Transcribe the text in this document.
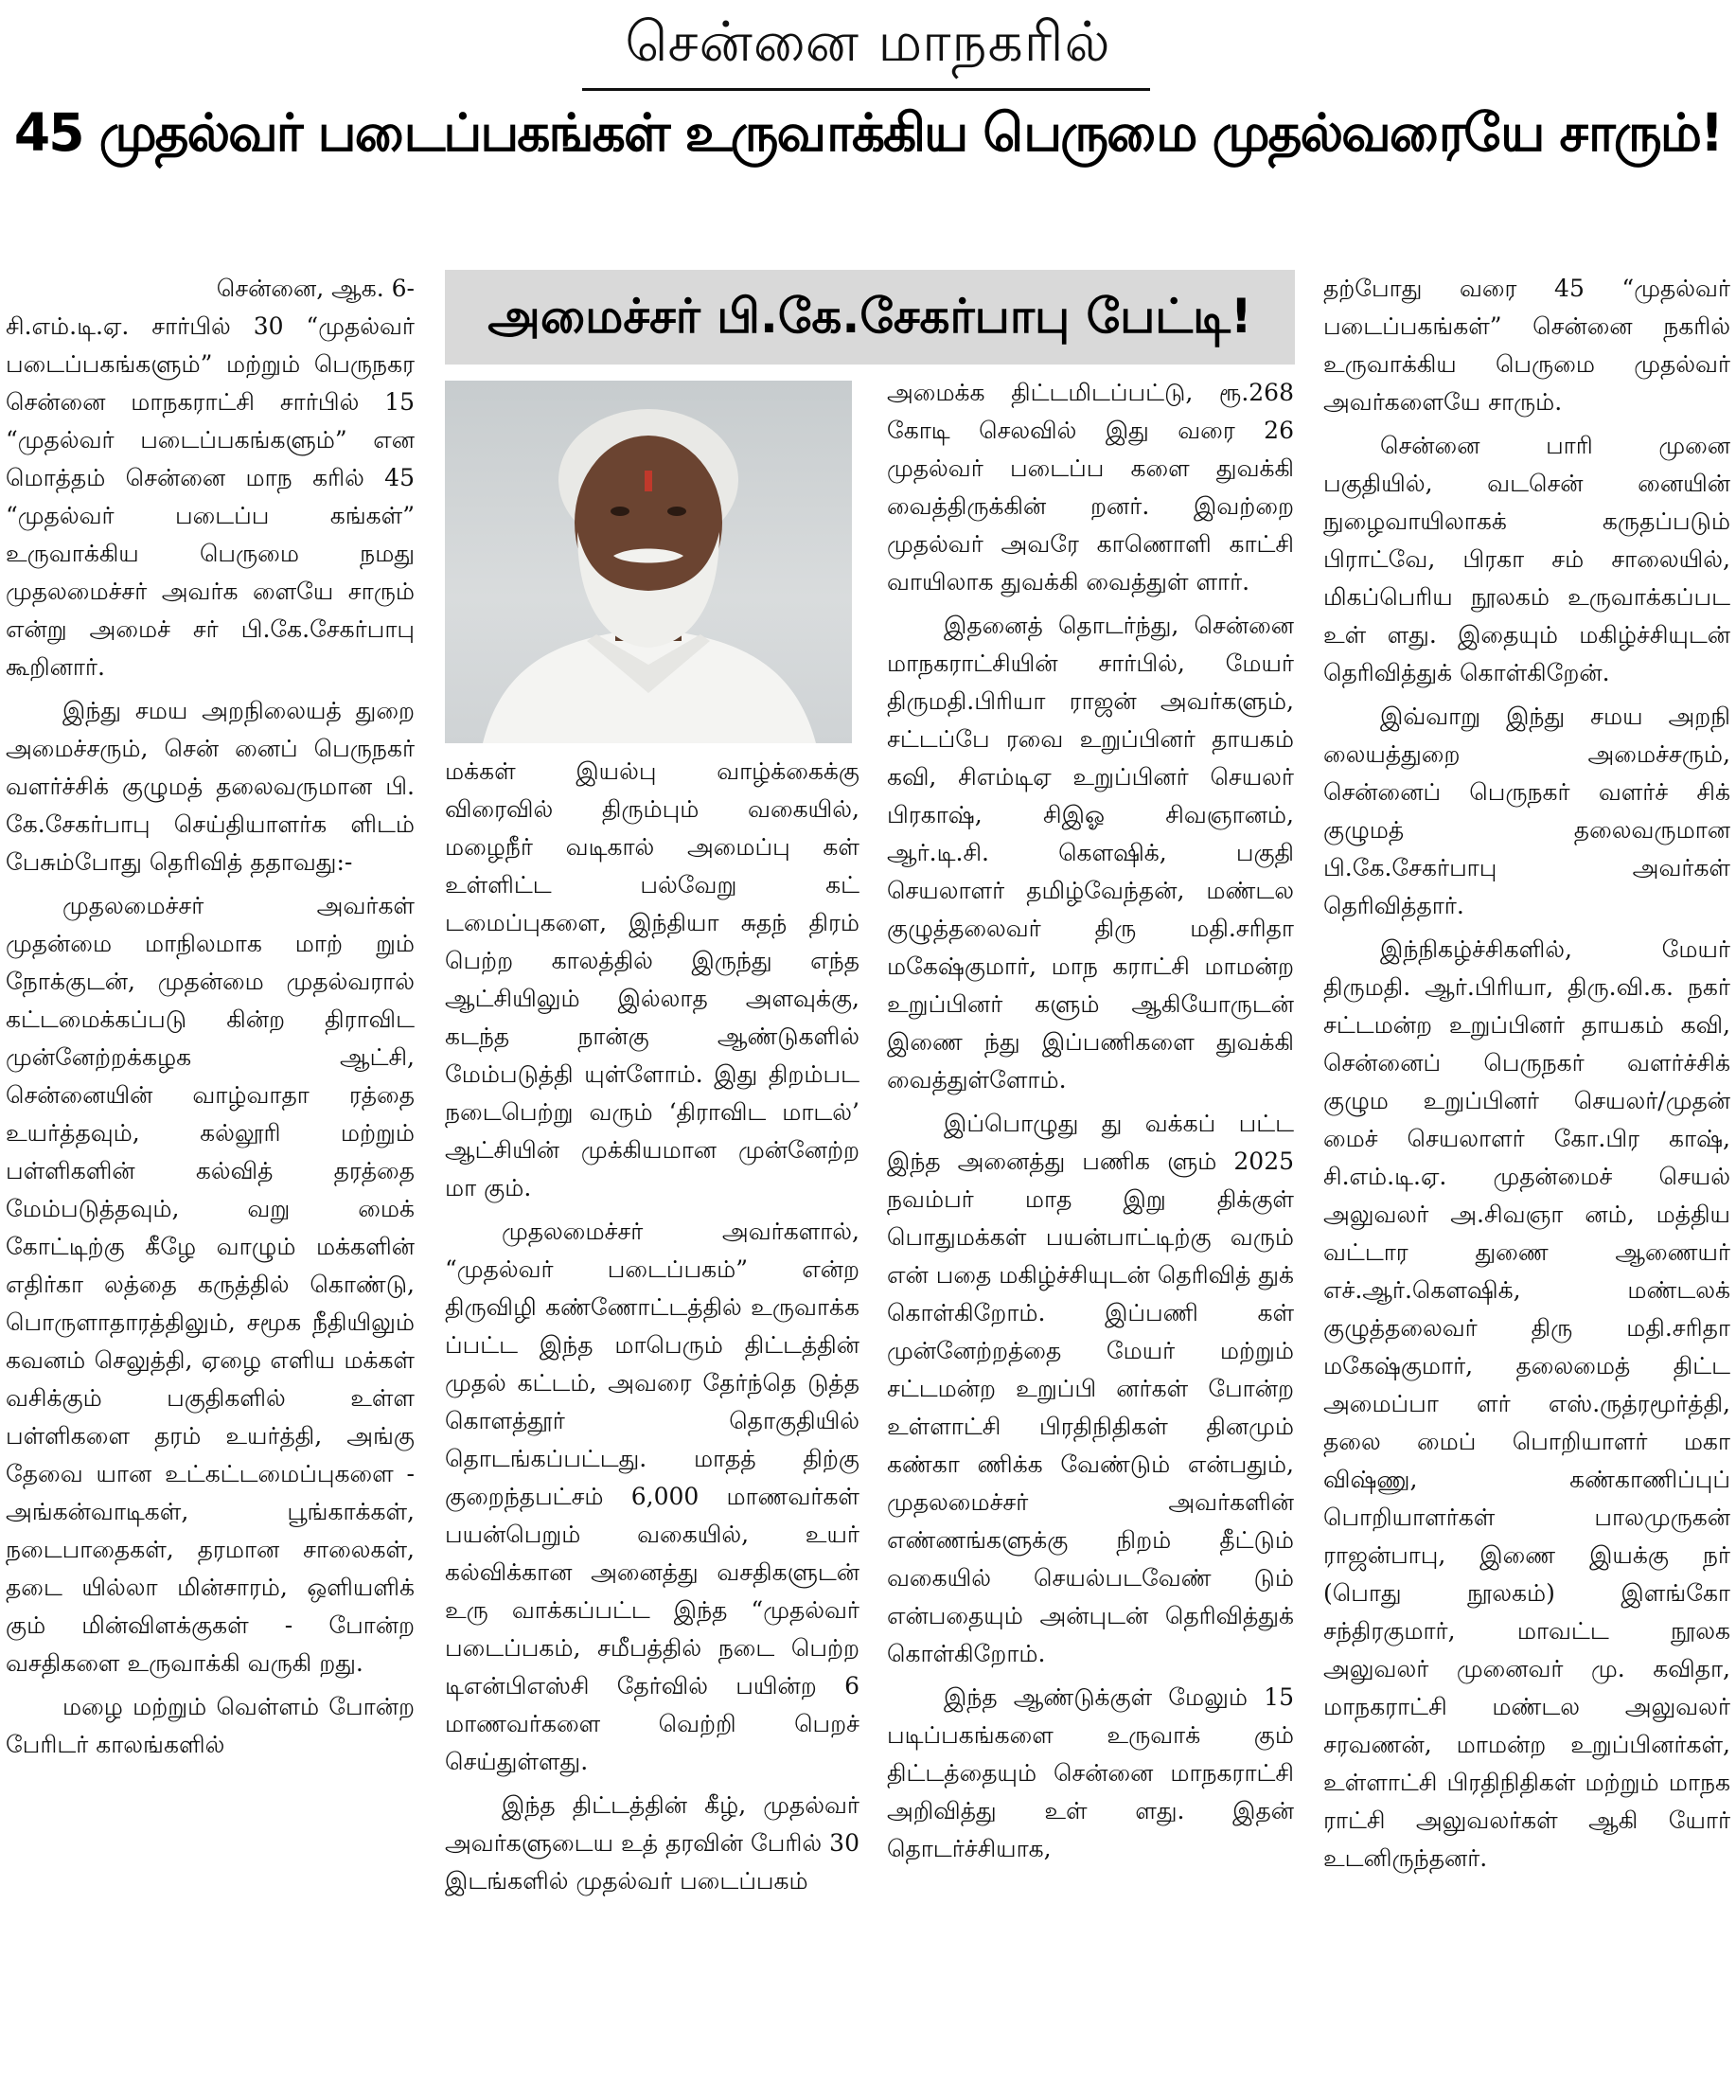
சென்னை மாநகரில்
45 முதல்வர் படைப்பகங்கள் உருவாக்கிய பெருமை முதல்வரையே சாரும்!
அமைச்சர் பி.கே.சேகர்பாபு பேட்டி!

சென்னை, ஆக. 6-

சி.எம்.டி.ஏ. சார்பில் 30 “முதல்வர் படைப்பகங்களும்” மற்றும் பெருநகர சென்னை மாநகராட்சி சார்பில் 15 “முதல்வர் படைப்பகங்களும்” என மொத்தம் சென்னை மாந கரில் 45 “முதல்வர் படைப்ப கங்கள்” உருவாக்கிய பெருமை நமது முதலமைச்சர் அவர்க ளையே சாரும் என்று அமைச் சர் பி.கே.சேகர்பாபு கூறினார்.

இந்து சமய அறநிலையத் துறை அமைச்சரும், சென் னைப் பெருநகர் வளர்ச்சிக் குழுமத் தலைவருமான பி. கே.சேகர்பாபு செய்தியாளர்க ளிடம் பேசும்போது தெரிவித் ததாவது:-

முதலமைச்சர் அவர்கள் முதன்மை மாநிலமாக மாற் றும் நோக்குடன், முதன்மை முதல்வரால் கட்டமைக்கப்படு கின்ற திராவிட முன்னேற்றக்கழக ஆட்சி, சென்னையின் வாழ்வாதா ரத்தை உயர்த்தவும், கல்லூரி மற்றும் பள்ளிகளின் கல்வித் தரத்தை மேம்படுத்தவும், வறு மைக் கோட்டிற்கு கீழே வாழும் மக்களின் எதிர்கா லத்தை கருத்தில் கொண்டு, பொருளாதாரத்திலும், சமூக நீதியிலும் கவனம் செலுத்தி, ஏழை எளிய மக்கள் வசிக்கும் பகுதிகளில் உள்ள பள்ளிகளை தரம் உயர்த்தி, அங்கு தேவை யான உட்கட்டமைப்புகளை - அங்கன்வாடிகள், பூங்காக்கள், நடைபாதைகள், தரமான சாலைகள், தடை யில்லா மின்சாரம், ஒளியளிக் கும் மின்விளக்குகள் - போன்ற வசதிகளை உருவாக்கி வருகி றது.

மழை மற்றும் வெள்ளம் போன்ற பேரிடர் காலங்களில்

மக்கள் இயல்பு வாழ்க்கைக்கு விரைவில் திரும்பும் வகையில், மழைநீர் வடிகால் அமைப்பு கள் உள்ளிட்ட பல்வேறு கட் டமைப்புகளை, இந்தியா சுதந் திரம் பெற்ற காலத்தில் இருந்து எந்த ஆட்சியிலும் இல்லாத அளவுக்கு, கடந்த நான்கு ஆண்டுகளில் மேம்படுத்தி யுள்ளோம். இது திறம்பட நடைபெற்று வரும் ‘திராவிட மாடல்’ ஆட்சியின் முக்கியமான முன்னேற்ற மா கும்.

முதலமைச்சர் அவர்களால், “முதல்வர் படைப்பகம்” என்ற திருவிழி கண்ணோட்டத்தில் உருவாக்க ப்பட்ட இந்த மாபெரும் திட்டத்தின் முதல் கட்டம், அவரை தேர்ந்தெ டுத்த கொளத்தூர் தொகுதியில் தொடங்கப்பட்டது. மாதத் திற்கு குறைந்தபட்சம் 6,000 மாணவர்கள் பயன்பெறும் வகையில், உயர் கல்விக்கான அனைத்து வசதிகளுடன் உரு வாக்கப்பட்ட இந்த “முதல்வர் படைப்பகம், சமீபத்தில் நடை பெற்ற டிஎன்பிஎஸ்சி தேர்வில் பயின்ற 6 மாணவர்களை வெற்றி பெறச் செய்துள்ளது.

இந்த திட்டத்தின் கீழ், முதல்வர் அவர்களுடைய உத் தரவின் பேரில் 30 இடங்களில் முதல்வர் படைப்பகம்

அமைக்க திட்டமிடப்பட்டு, ரூ.268 கோடி செலவில் இது வரை 26 முதல்வர் படைப்ப களை துவக்கி வைத்திருக்கின் றனர். இவற்றை முதல்வர் அவரே காணொளி காட்சி வாயிலாக துவக்கி வைத்துள் ளார்.

இதனைத் தொடர்ந்து, சென்னை மாநகராட்சியின் சார்பில், மேயர் திருமதி.பிரியா ராஜன் அவர்களும், சட்டப்பே ரவை உறுப்பினர் தாயகம் கவி, சிஎம்டிஏ உறுப்பினர் செயலர் பிரகாஷ், சிஇஓ சிவஞானம், ஆர்.டி.சி. கௌஷிக், பகுதி செயலாளர் தமிழ்வேந்தன், மண்டல குழுத்தலைவர் திரு மதி.சரிதா மகேஷ்குமார், மாந கராட்சி மாமன்ற உறுப்பினர் களும் ஆகியோருடன் இணை ந்து இப்பணிகளை துவக்கி வைத்துள்ளோம்.

இப்பொழுது து வக்கப் பட்ட இந்த அனைத்து பணிக ளும் 2025 நவம்பர் மாத இறு திக்குள் பொதுமக்கள் பயன்பாட்டிற்கு வரும் என் பதை மகிழ்ச்சியுடன் தெரிவித் துக் கொள்கிறோம். இப்பணி கள் முன்னேற்றத்தை மேயர் மற்றும் சட்டமன்ற உறுப்பி னர்கள் போன்ற உள்ளாட்சி பிரதிநிதிகள் தினமும் கண்கா ணிக்க வேண்டும் என்பதும், முதலமைச்சர் அவர்களின் எண்ணங்களுக்கு நிறம் தீட்டும் வகையில் செயல்படவேண் டும் என்பதையும் அன்புடன் தெரிவித்துக் கொள்கிறோம்.

இந்த ஆண்டுக்குள் மேலும் 15 படிப்பகங்களை உருவாக் கும் திட்டத்தையும் சென்னை மாநகராட்சி அறிவித்து உள் ளது. இதன் தொடர்ச்சியாக,

தற்போது வரை 45 “முதல்வர் படைப்பகங்கள்” சென்னை நகரில் உருவாக்கிய பெருமை முதல்வர் அவர்களையே சாரும்.

சென்னை பாரி முனை பகுதியில், வடசென் னையின் நுழைவாயிலாகக் கருதப்படும் பிராட்வே, பிரகா சம் சாலையில், மிகப்பெரிய நூலகம் உருவாக்கப்பட உள் ளது. இதையும் மகிழ்ச்சியுடன் தெரிவித்துக் கொள்கிறேன்.

இவ்வாறு இந்து சமய அறநி லையத்துறை அமைச்சரும், சென்னைப் பெருநகர் வளர்ச் சிக் குழுமத் தலைவருமான பி.கே.சேகர்பாபு அவர்கள் தெரிவித்தார்.

இந்நிகழ்ச்சிகளில், மேயர் திருமதி. ஆர்.பிரியா, திரு.வி.க. நகர் சட்டமன்ற உறுப்பினர் தாயகம் கவி, சென்னைப் பெருநகர் வளர்ச்சிக் குழும உறுப்பினர் செயலர்/முதன் மைச் செயலாளர் கோ.பிர காஷ், சி.எம்.டி.ஏ. முதன்மைச் செயல் அலுவலர் அ.சிவஞா னம், மத்திய வட்டார துணை ஆணையர் எச்.ஆர்.கௌஷிக், மண்டலக் குழுத்தலைவர் திரு மதி.சரிதா மகேஷ்குமார், தலைமைத் திட்ட அமைப்பா ளர் எஸ்.ருத்ரமூர்த்தி, தலை மைப் பொறியாளர் மகா விஷ்ணு, கண்காணிப்புப் பொறியாளர்கள் பாலமுருகன் ராஜன்பாபு, இணை இயக்கு நர் (பொது நூலகம்) இளங்கோ சந்திரகுமார், மாவட்ட நூலக அலுவலர் முனைவர் மு. கவிதா, மாநகராட்சி மண்டல அலுவலர் சரவணன், மாமன்ற உறுப்பினர்கள், உள்ளாட்சி பிரதிநிதிகள் மற்றும் மாநக ராட்சி அலுவலர்கள் ஆகி யோர் உடனிருந்தனர்.
